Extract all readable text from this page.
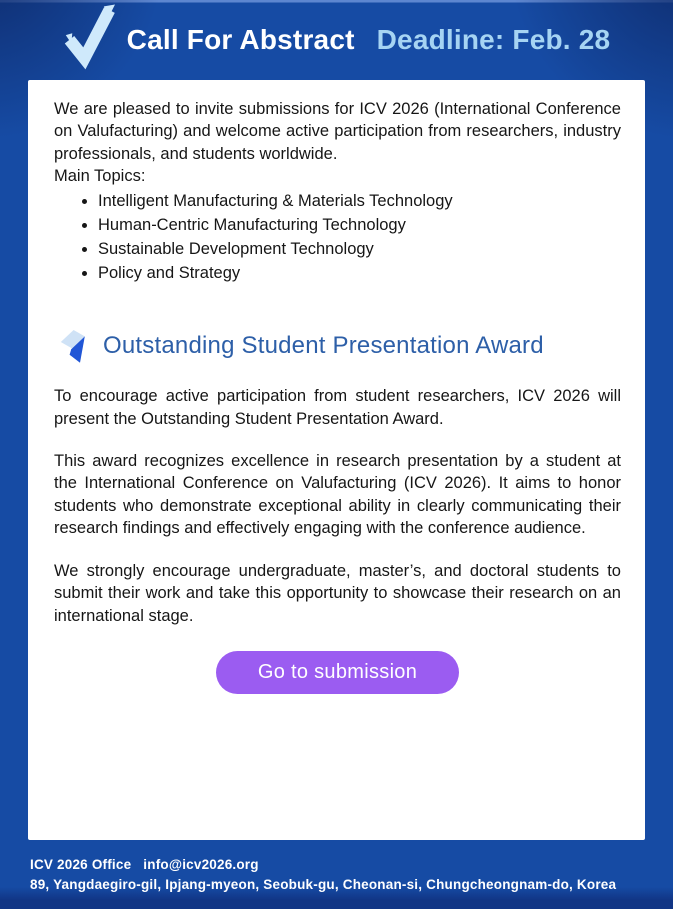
Call For Abstract Deadline: Feb. 28

We are pleased to invite submissions for ICV 2026 (International Conference on Valufacturing) and welcome active participation from researchers, industry professionals, and students worldwide.

Main Topics:

• Intelligent Manufacturing & Materials Technology
• Human-Centric Manufacturing Technology
• Sustainable Development Technology
• Policy and Strategy
Outstanding Student Presentation Award

To encourage active participation from student researchers, ICV 2026 will present the Outstanding Student Presentation Award.

This award recognizes excellence in research presentation by a student at the International Conference on Valufacturing (ICV 2026). It aims to honor students who demonstrate exceptional ability in clearly communicating their research findings and effectively engaging with the conference audience.

We strongly encourage undergraduate, master’s, and doctoral students to submit their work and take this opportunity to showcase their research on an international stage.

Go to submission
ICV 2026 Office info@icv2026.org
89, Yangdaegiro-gil, Ipjang-myeon, Seobuk-gu, Cheonan-si, Chungcheongnam-do, Korea
